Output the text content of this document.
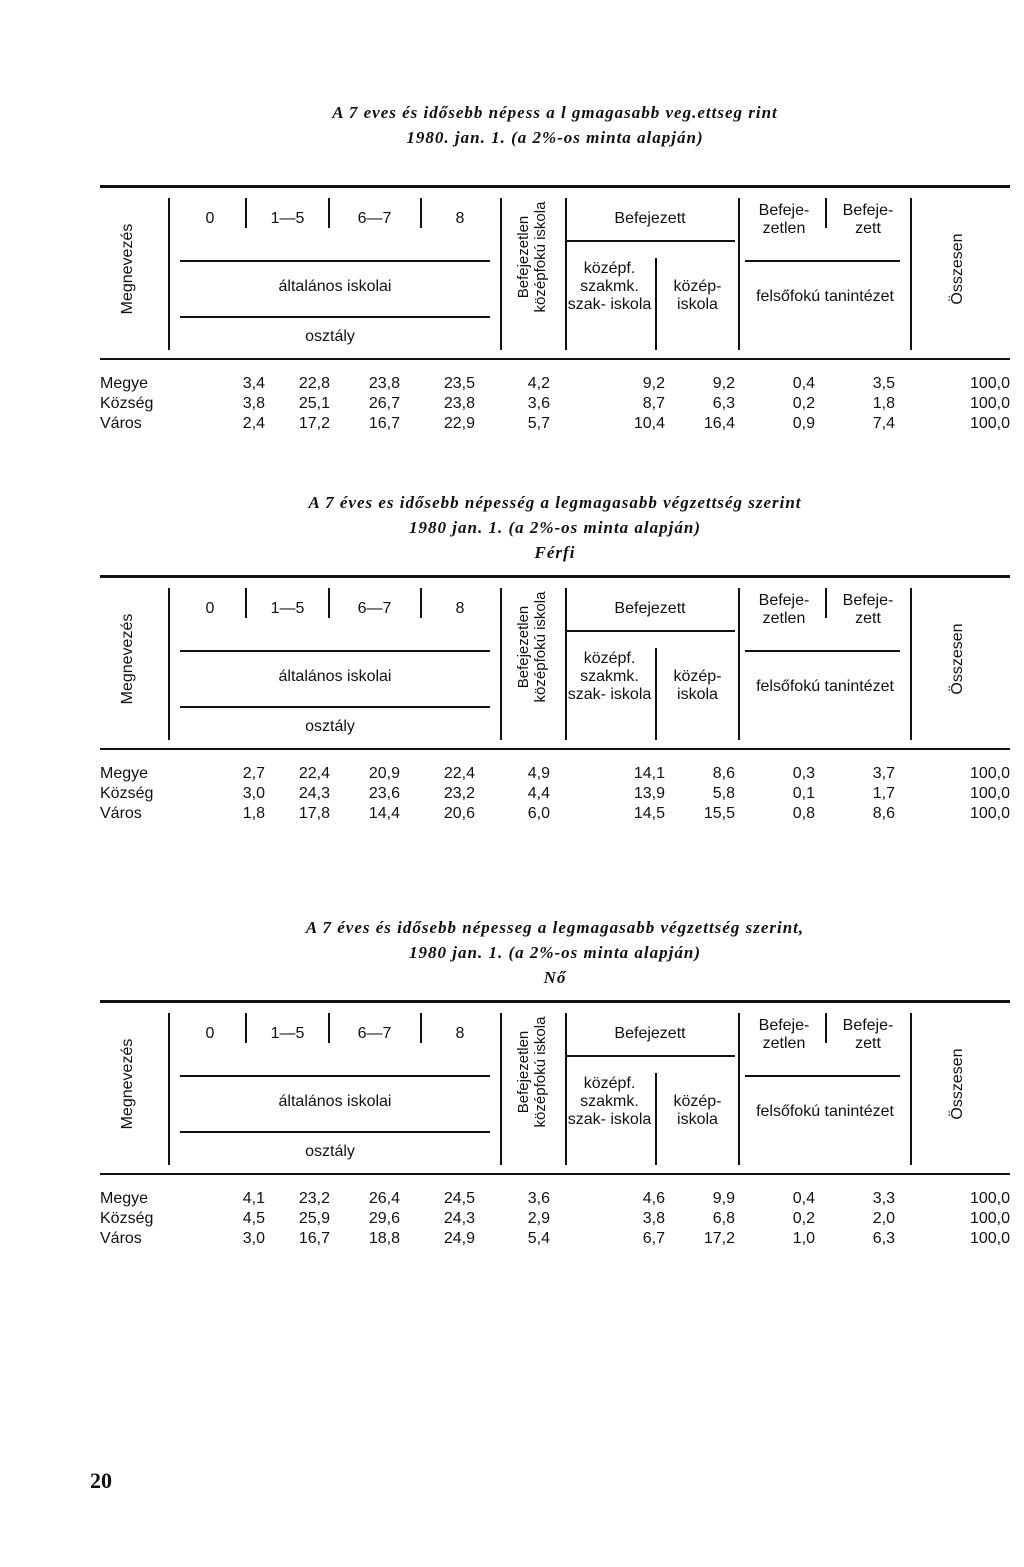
A 7 eves és idősebb népess a l gmagasabb veg.ettseg rint
1980. jan. 1. (a 2%-os minta alapján)
0	1—5	6—7	8
általános iskolai
osztály
Befejezett
középf. szakmk. szak- iskola
közép- iskola
Befeje- zetlen
Befeje- zett
felsőfokú tanintézet
Megnevezés	Összesen
Befejezetlen középfokú iskola
Megye	3,4 22,8 23,8	23,5	4,2	9,2	9,2	0,4	3,5	100,0
Község	3,8 25,1 26,7	23,8	3,6	8,7	6,3	0,2	1,8	100,0
Város	2,4 17,2 16,7	22,9	5,7	10,4 16,4	0,9	7,4	100,0
A 7 éves es idősebb népesség a legmagasabb végzettség szerint
1980 jan. 1. (a 2%-os minta alapján)
Férfi
0	1—5	6—7	8
általános iskolai
osztály
Befejezett
középf. szakmk. szak- iskola
közép- iskola
Befeje- zetlen
Befeje- zett
felsőfokú tanintézet
Megnevezés	Összesen
Befejezetlen középfokú iskola
Megye	2,7 22,4 20,9	22,4	4,9	14,1	8,6	0,3	3,7	100,0
Község	3,0 24,3 23,6	23,2	4,4	13,9	5,8	0,1	1,7	100,0
Város	1,8 17,8 14,4	20,6	6,0	14,5 15,5	0,8	8,6	100,0
A 7 éves és idősebb népesseg a legmagasabb végzettség szerint,
1980 jan. 1. (a 2%-os minta alapján)
Nő
0	1—5	6—7	8
általános iskolai
osztály
Befejezett
középf. szakmk. szak- iskola
közép- iskola
Befeje- zetlen
Befeje- zett
felsőfokú tanintézet
Megnevezés	Összesen
Befejezetlen középfokú iskola
Megye	4,1 23,2 26,4	24,5	3,6	4,6	9,9	0,4	3,3	100,0
Község	4,5 25,9 29,6	24,3	2,9	3,8	6,8	0,2	2,0	100,0
Város	3,0 16,7 18,8	24,9	5,4	6,7 17,2	1,0	6,3	100,0
20
